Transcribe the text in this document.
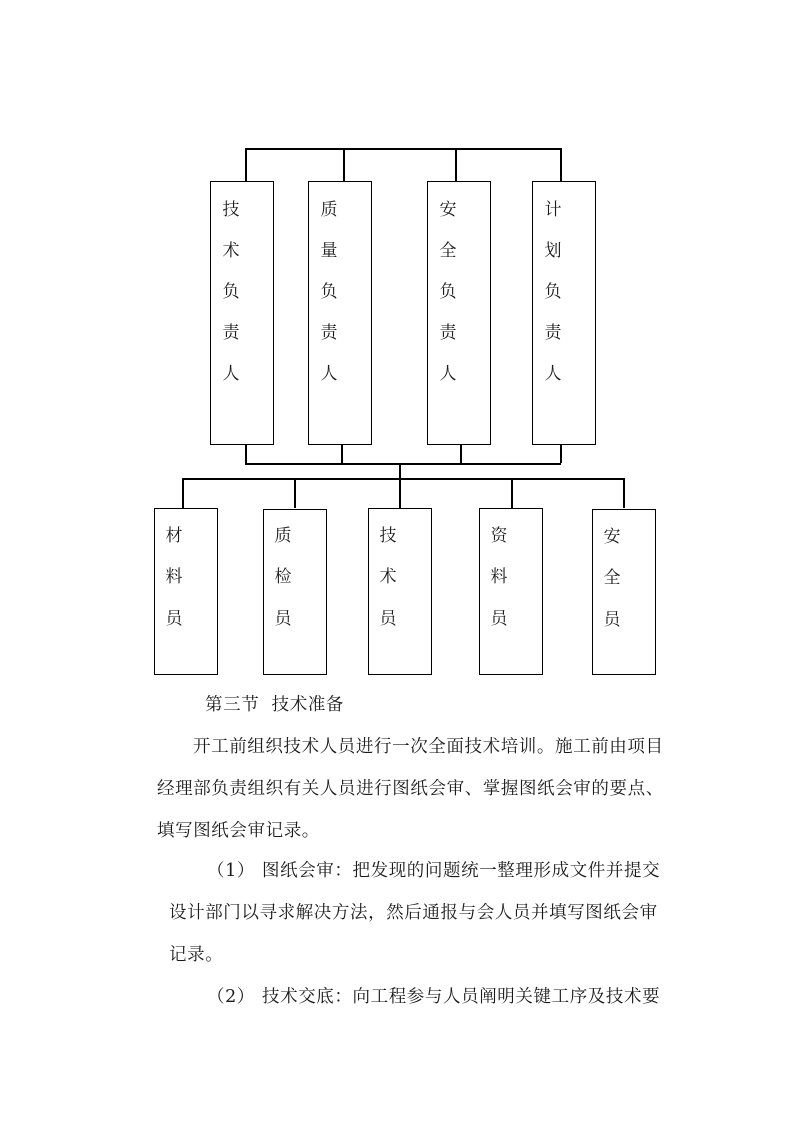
技
术
负
责
人
质
量
负
责
人
安
全
负
责
人
计
划
负
责
人
材
料
员
质
检
员
技
术
员
资
料
员
安
全
员
第三节  技术准备
开工前组织技术人员进行一次全面技术培训。施工前由项目
经理部负责组织有关人员进行图纸会审、掌握图纸会审的要点、
填写图纸会审记录。
（1） 图纸会审：把发现的问题统一整理形成文件并提交
设计部门以寻求解决方法，然后通报与会人员并填写图纸会审
记录。
（2） 技术交底：向工程参与人员阐明关键工序及技术要
